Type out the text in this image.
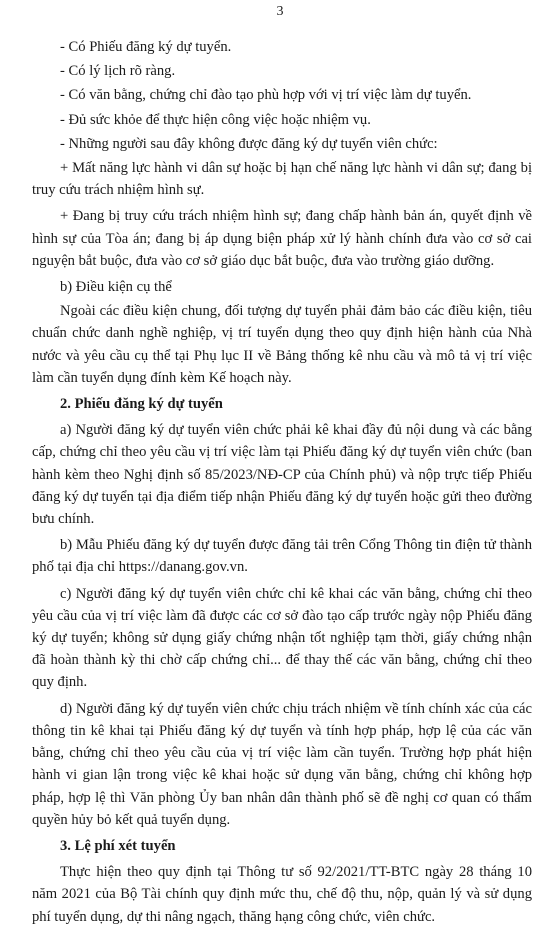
3

- Có Phiếu đăng ký dự tuyển.

- Có lý lịch rõ ràng.

- Có văn bằng, chứng chỉ đào tạo phù hợp với vị trí việc làm dự tuyển.

- Đủ sức khỏe để thực hiện công việc hoặc nhiệm vụ.

- Những người sau đây không được đăng ký dự tuyển viên chức:

+ Mất năng lực hành vi dân sự hoặc bị hạn chế năng lực hành vi dân sự; đang bị truy cứu trách nhiệm hình sự.

+ Đang bị truy cứu trách nhiệm hình sự; đang chấp hành bản án, quyết định về hình sự của Tòa án; đang bị áp dụng biện pháp xử lý hành chính đưa vào cơ sở cai nguyện bắt buộc, đưa vào cơ sở giáo dục bắt buộc, đưa vào trường giáo dưỡng.

b) Điều kiện cụ thể

Ngoài các điều kiện chung, đối tượng dự tuyển phải đảm bảo các điều kiện, tiêu chuẩn chức danh nghề nghiệp, vị trí tuyển dụng theo quy định hiện hành của Nhà nước và yêu cầu cụ thể tại Phụ lục II về Bảng thống kê nhu cầu và mô tả vị trí việc làm cần tuyển dụng đính kèm Kế hoạch này.

2. Phiếu đăng ký dự tuyển

a) Người đăng ký dự tuyển viên chức phải kê khai đầy đủ nội dung và các bằng cấp, chứng chỉ theo yêu cầu vị trí việc làm tại Phiếu đăng ký dự tuyển viên chức (ban hành kèm theo Nghị định số 85/2023/NĐ-CP của Chính phủ) và nộp trực tiếp Phiếu đăng ký dự tuyển tại địa điểm tiếp nhận Phiếu đăng ký dự tuyển hoặc gửi theo đường bưu chính.

b) Mẫu Phiếu đăng ký dự tuyển được đăng tải trên Cổng Thông tin điện tử thành phố tại địa chỉ https://danang.gov.vn.

c) Người đăng ký dự tuyển viên chức chỉ kê khai các văn bằng, chứng chỉ theo yêu cầu của vị trí việc làm đã được các cơ sở đào tạo cấp trước ngày nộp Phiếu đăng ký dự tuyển; không sử dụng giấy chứng nhận tốt nghiệp tạm thời, giấy chứng nhận đã hoàn thành kỳ thi chờ cấp chứng chỉ... để thay thế các văn bằng, chứng chỉ theo quy định.

d) Người đăng ký dự tuyển viên chức chịu trách nhiệm về tính chính xác của các thông tin kê khai tại Phiếu đăng ký dự tuyển và tính hợp pháp, hợp lệ của các văn bằng, chứng chỉ theo yêu cầu của vị trí việc làm cần tuyển. Trường hợp phát hiện hành vi gian lận trong việc kê khai hoặc sử dụng văn bằng, chứng chỉ không hợp pháp, hợp lệ thì Văn phòng Ủy ban nhân dân thành phố sẽ đề nghị cơ quan có thẩm quyền hủy bỏ kết quả tuyển dụng.

3. Lệ phí xét tuyển

Thực hiện theo quy định tại Thông tư số 92/2021/TT-BTC ngày 28 tháng 10 năm 2021 của Bộ Tài chính quy định mức thu, chế độ thu, nộp, quản lý và sử dụng phí tuyển dụng, dự thi nâng ngạch, thăng hạng công chức, viên chức.
